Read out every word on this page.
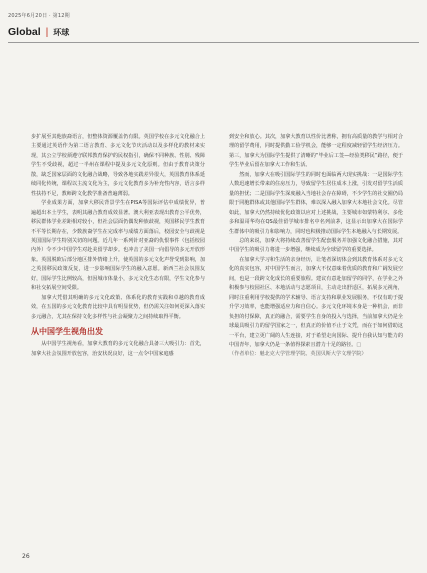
2025年6月20日 · 第12期
Global | 环球

步扩展至其他族裔语言，但整体资源覆盖仍有限。英国学校在多元文化融合上主要通过英语作为第二语言教育、多元文化节庆活动以及多样化的教材来实现，其公立学校须遵守联邦教育保护的民权指引，确保不同种族、性别、残障学生不受歧视，超过一半州在课程中提及多元文化原则。但由于教育决策分散，缺乏国家层面的文化融合战略，导致各地实践差异很大，英国教育体系延续同化传统，课程以主流文化为主，多元文化教育多为补充性内容，语言多样性扶持不足，教师跨文化教学准备普遍薄弱。

学业成果方面，加拿大移民背景学生在PISA等国际评估中成绩优异，普遍超出本土学生，表明其融合教育成效显著。澳大利亚表现出教育公平优势，移民群体学业差距相对较小，但社会层面仍偶发种族歧视，英国移民学生教育不平等长期存在，少数族裔学生在完成率与成绩方面落后，校园安全与歧视是英国国际学生特别关切的问题。近几年一系列针对亚裔的仇恨事件（包括校园内外）令不少中国学生对赴美留学却步。也冲击了美国一向倡导的多元开放形象。英国脱欧后部分地区排外情绪上升，使英国的多元文化声誉受到影响，加之英国移民政策反复，进一步影响国际学生的融入意愿。新西兰社会氛围友好，国际学生比例较高，但因城市体量小，多元文化生态有限，学生文化参与和社交拓展空间受限。

加拿大凭借其明确的多元文化政策、体系化的教育实践和卓越的教育成效，在五国的多元文化教育比较中具有明显优势，但仍需关注如何更深入落实多元融合，尤其在保持文化多样性与社会凝聚力之间持续取得平衡。

从中国学生视角出发

从中国学生视角看，加拿大教育的多元文化融合具备三大吸引力：首先，加拿大社会氛围开放包容，治安状况良好，这一点令中国家庭感

到安全和放心。其次，加拿大教育以性价比著称，拥有高质量的教学与相对合理的留学费用，同时提供勤工俭学机会，能够一定程度减轻留学生经济压力。第三，加拿大为国际学生提供了清晰的“毕业后工签—经验类移民”路径，便于学生毕业后留在加拿大工作和生活。

然而，加拿大在吸引国际学生的同时也面临两大现实挑战：一是国际学生人数迅速增长带来的住房压力，导致留学生居住成本上涨，引发对留学生活质量的担忧；二是国际学生深度融入当地社会存在障碍，不少学生的社交圈仍局限于同胞群体或其他国际学生群体，难以深入融入加拿大本地社会文化。尽管如此，加拿大仍然持续优化政策以应对上述挑战，主要城市如蒙特利尔、多伦多和温哥华均在QS最佳留学城市排名中名列前茅，这显示出加拿大在国际学生群体中的吸引力和影响力，同时也积极推动国际学生本地融入与长期发展。

总的来说，加拿大将持续改善留学生配套服务并加强文化融合措施，其对中国学生的吸引力将进一步增强，继续成为全球留学的重要选择。

在加拿大学习和生活的亲身经历，让笔者深切体会到其教育体系对多元文化的真实包容，对中国学生而言，加拿大不仅意味着优质的教育和广阔发展空间，也是一段跨文化成长的重要旅程。建议有意赴加留学的同学，在学业之外积极参与校园社区、本地活动与志愿项目，主动走出舒适区，拓展多元视角，同时注重利用学校提供的学术辅导、语言支持和职业发展服务，不仅有助于提升学习效率，也能增强适应力和自信心。多元文化环境本身是一种机会，而非负担的付保障，真正的融合，需要学生自身的投入与选择，当前加拿大仍是全球最具吸引力的留学国家之一，但真正的价值不止于文凭，而在于如何借助这一平台，建立更广阔的人生连接，对于希望走向国际、提升自我认知与能力的中国青年，加拿大仍是一条值得探索且潜力十足的路径。□

（作者单位：魁北克大学管理学院、英国贝斯大学文理学院）

26
